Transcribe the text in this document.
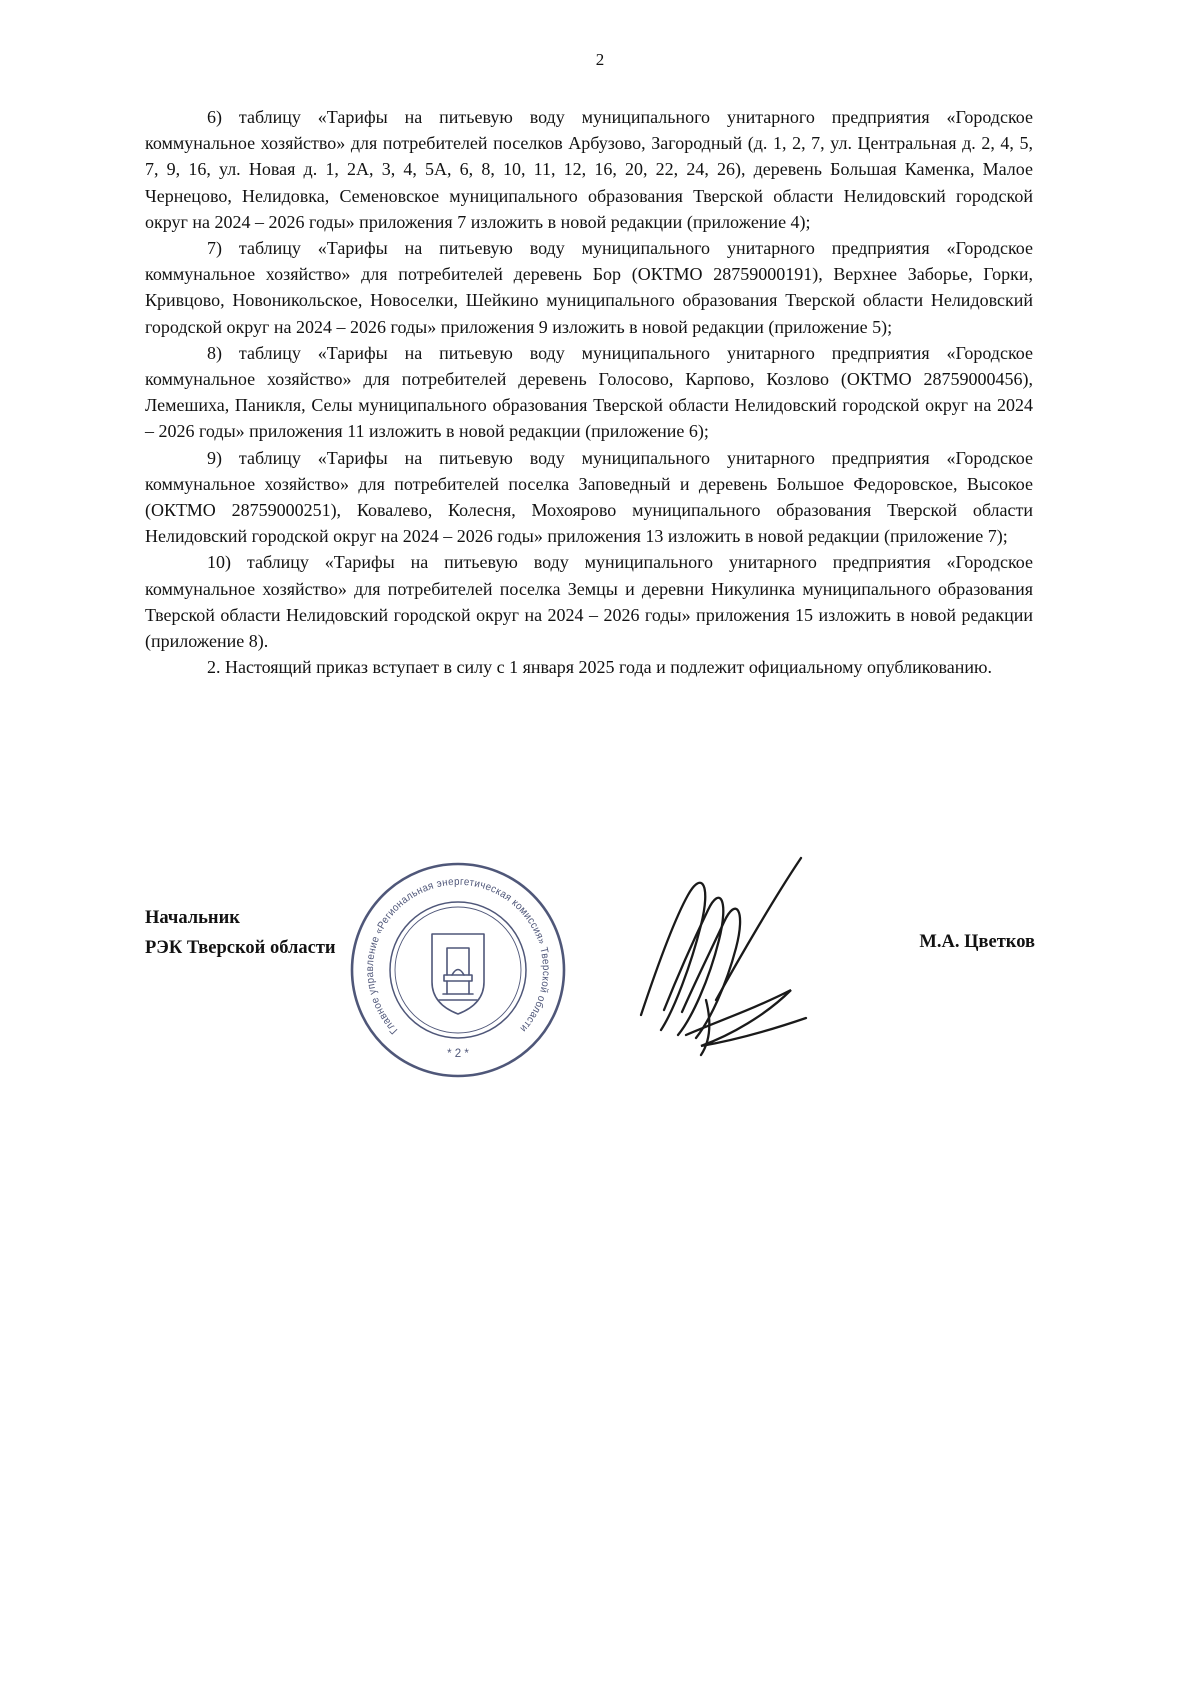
2

6) таблицу «Тарифы на питьевую воду муниципального унитарного предприятия «Городское коммунальное хозяйство» для потребителей поселков Арбузово, Загородный (д. 1, 2, 7, ул. Центральная д. 2, 4, 5, 7, 9, 16, ул. Новая д. 1, 2А, 3, 4, 5А, 6, 8, 10, 11, 12, 16, 20, 22, 24, 26), деревень Большая Каменка, Малое Чернецово, Нелидовка, Семеновское муниципального образования Тверской области Нелидовский городской округ на 2024 – 2026 годы» приложения 7 изложить в новой редакции (приложение 4);

7) таблицу «Тарифы на питьевую воду муниципального унитарного предприятия «Городское коммунальное хозяйство» для потребителей деревень Бор (ОКТМО 28759000191), Верхнее Заборье, Горки, Кривцово, Новоникольское, Новоселки, Шейкино муниципального образования Тверской области Нелидовский городской округ на 2024 – 2026 годы» приложения 9 изложить в новой редакции (приложение 5);

8) таблицу «Тарифы на питьевую воду муниципального унитарного предприятия «Городское коммунальное хозяйство» для потребителей деревень Голосово, Карпово, Козлово (ОКТМО 28759000456), Лемешиха, Паникля, Селы муниципального образования Тверской области Нелидовский городской округ на 2024 – 2026 годы» приложения 11 изложить в новой редакции (приложение 6);

9) таблицу «Тарифы на питьевую воду муниципального унитарного предприятия «Городское коммунальное хозяйство» для потребителей поселка Заповедный и деревень Большое Федоровское, Высокое (ОКТМО 28759000251), Ковалево, Колесня, Мохоярово муниципального образования Тверской области Нелидовский городской округ на 2024 – 2026 годы» приложения 13 изложить в новой редакции (приложение 7);

10) таблицу «Тарифы на питьевую воду муниципального унитарного предприятия «Городское коммунальное хозяйство» для потребителей поселка Земцы и деревни Никулинка муниципального образования Тверской области Нелидовский городской округ на 2024 – 2026 годы» приложения 15 изложить в новой редакции (приложение 8).

2. Настоящий приказ вступает в силу с 1 января 2025 года и подлежит официальному опубликованию.

Начальник
РЭК Тверской области
Главное управление «Региональная энергетическая комиссия» Тверской области
* 2 *
М.А. Цветков
